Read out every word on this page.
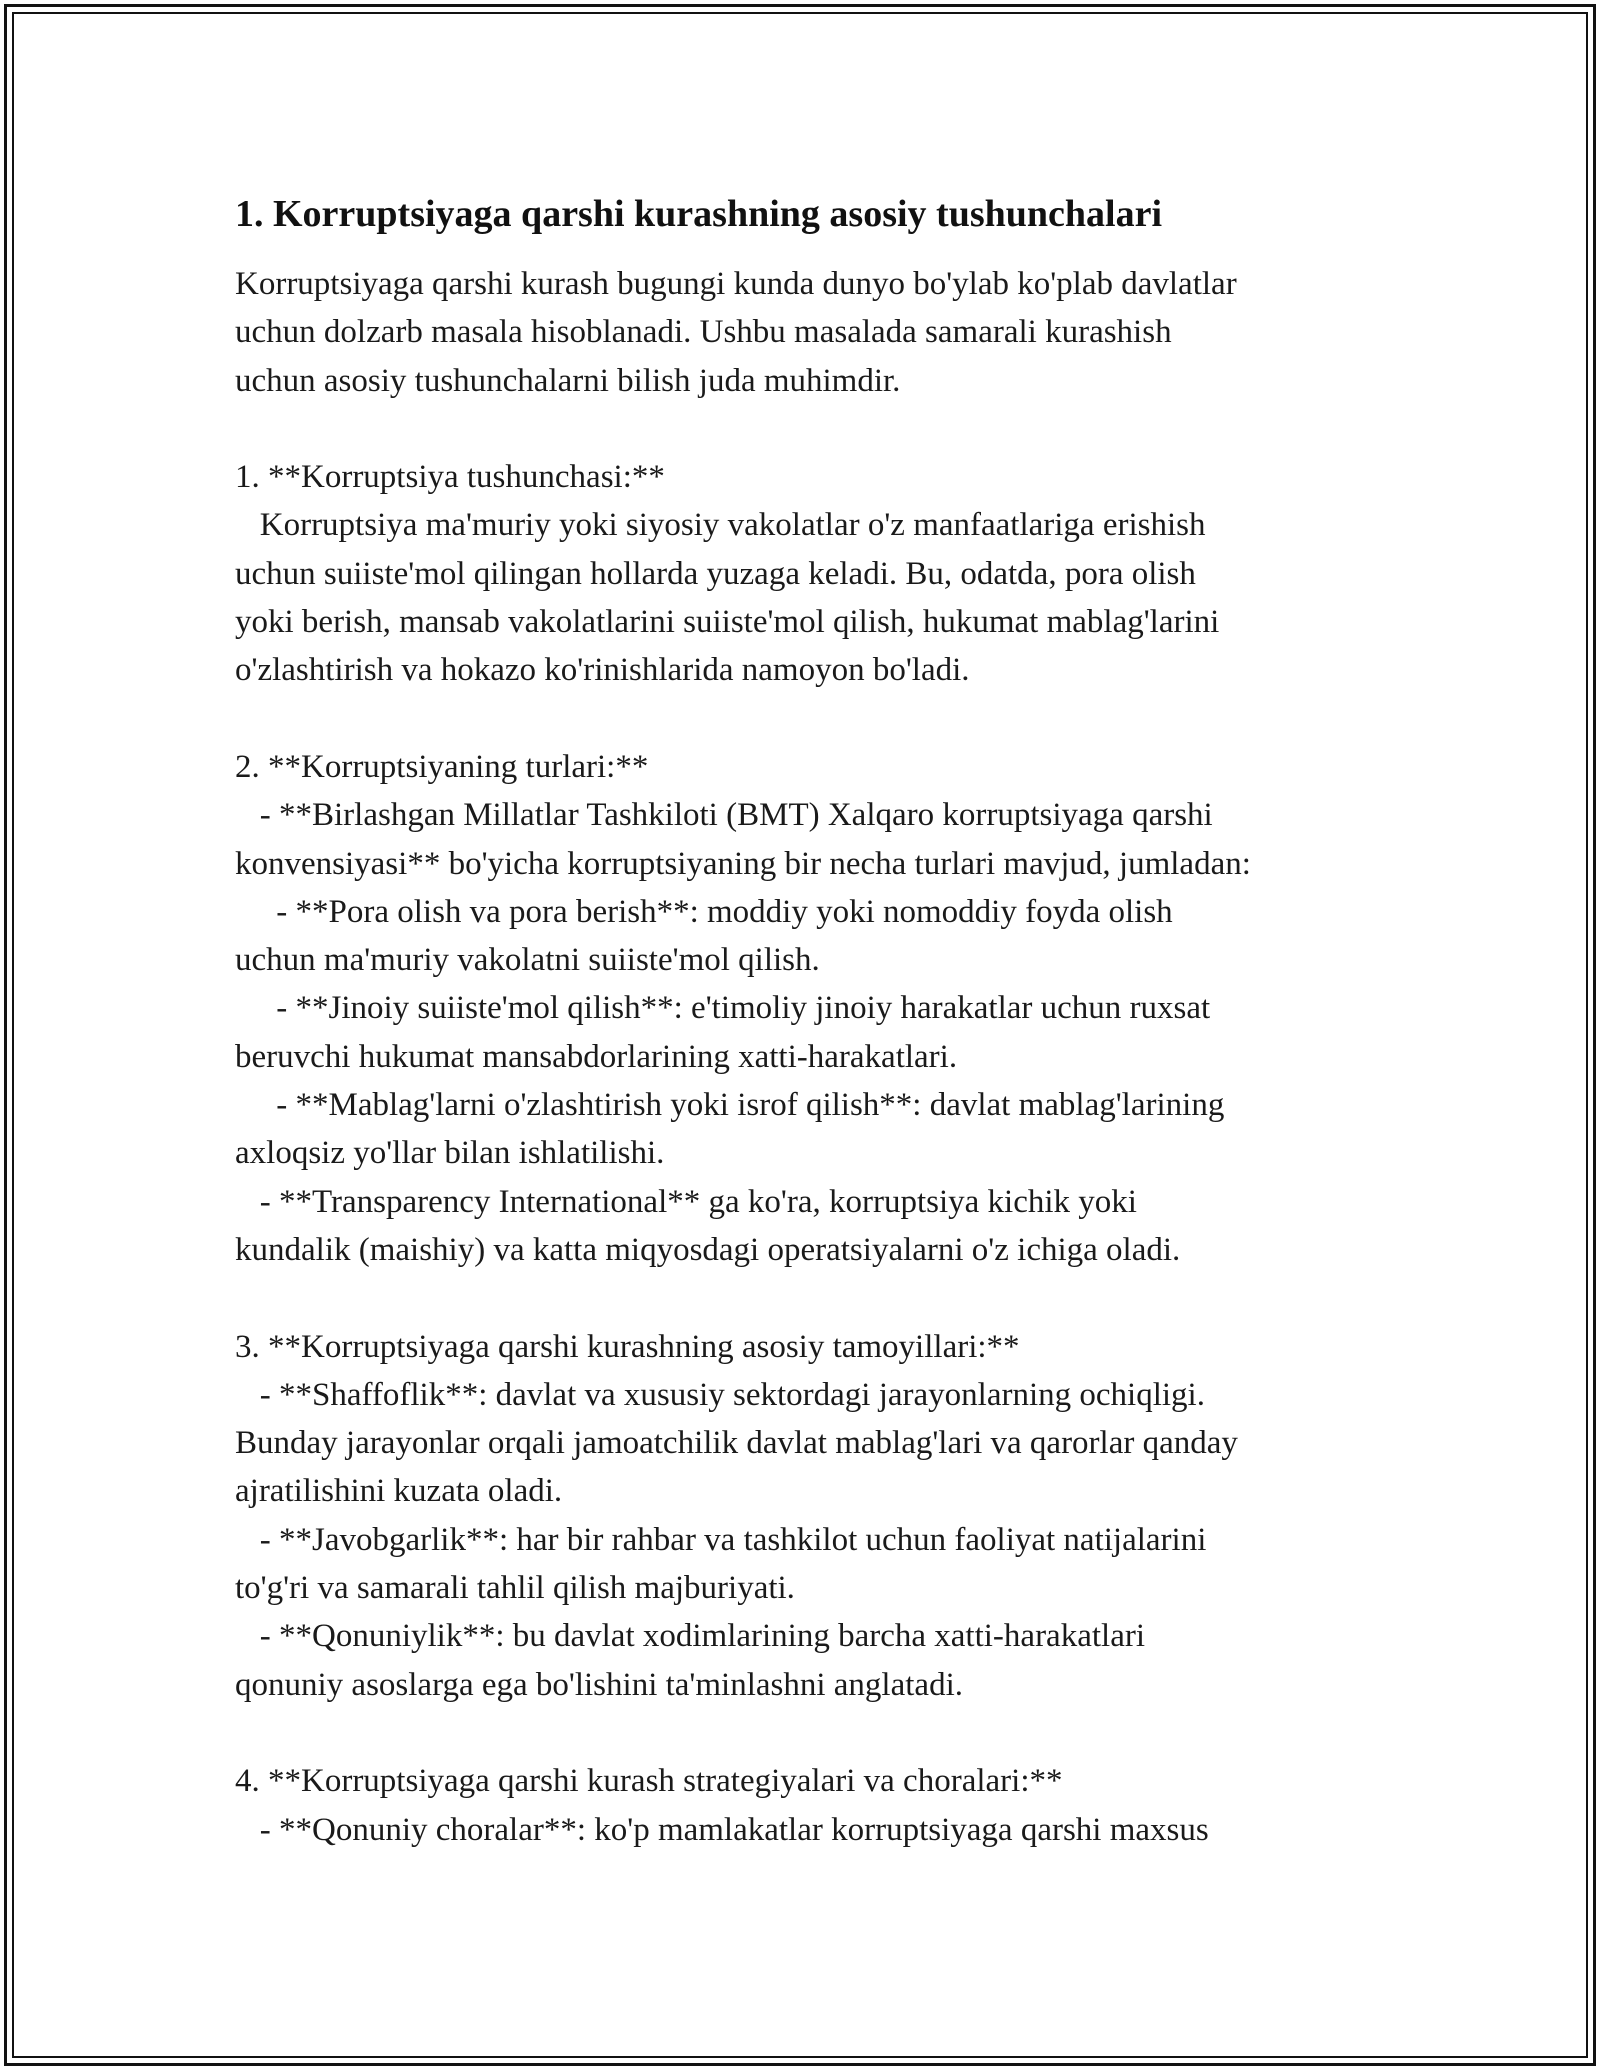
1. Korruptsiyaga qarshi kurashning asosiy tushunchalari
Korruptsiyaga qarshi kurash bugungi kunda dunyo bo'ylab ko'plab davlatlar
uchun dolzarb masala hisoblanadi. Ushbu masalada samarali kurashish
uchun asosiy tushunchalarni bilish juda muhimdir.
1. **Korruptsiya tushunchasi:**
Korruptsiya ma'muriy yoki siyosiy vakolatlar o'z manfaatlariga erishish
uchun suiiste'mol qilingan hollarda yuzaga keladi. Bu, odatda, pora olish
yoki berish, mansab vakolatlarini suiiste'mol qilish, hukumat mablag'larini
o'zlashtirish va hokazo ko'rinishlarida namoyon bo'ladi.
2. **Korruptsiyaning turlari:**
- **Birlashgan Millatlar Tashkiloti (BMT) Xalqaro korruptsiyaga qarshi
konvensiyasi** bo'yicha korruptsiyaning bir necha turlari mavjud, jumladan:
- **Pora olish va pora berish**: moddiy yoki nomoddiy foyda olish
uchun ma'muriy vakolatni suiiste'mol qilish.
- **Jinoiy suiiste'mol qilish**: e'timoliy jinoiy harakatlar uchun ruxsat
beruvchi hukumat mansabdorlarining xatti-harakatlari.
- **Mablag'larni o'zlashtirish yoki isrof qilish**: davlat mablag'larining
axloqsiz yo'llar bilan ishlatilishi.
- **Transparency International** ga ko'ra, korruptsiya kichik yoki
kundalik (maishiy) va katta miqyosdagi operatsiyalarni o'z ichiga oladi.
3. **Korruptsiyaga qarshi kurashning asosiy tamoyillari:**
- **Shaffoflik**: davlat va xususiy sektordagi jarayonlarning ochiqligi.
Bunday jarayonlar orqali jamoatchilik davlat mablag'lari va qarorlar qanday
ajratilishini kuzata oladi.
- **Javobgarlik**: har bir rahbar va tashkilot uchun faoliyat natijalarini
to'g'ri va samarali tahlil qilish majburiyati.
- **Qonuniylik**: bu davlat xodimlarining barcha xatti-harakatlari
qonuniy asoslarga ega bo'lishini ta'minlashni anglatadi.
4. **Korruptsiyaga qarshi kurash strategiyalari va choralari:**
- **Qonuniy choralar**: ko'p mamlakatlar korruptsiyaga qarshi maxsus
